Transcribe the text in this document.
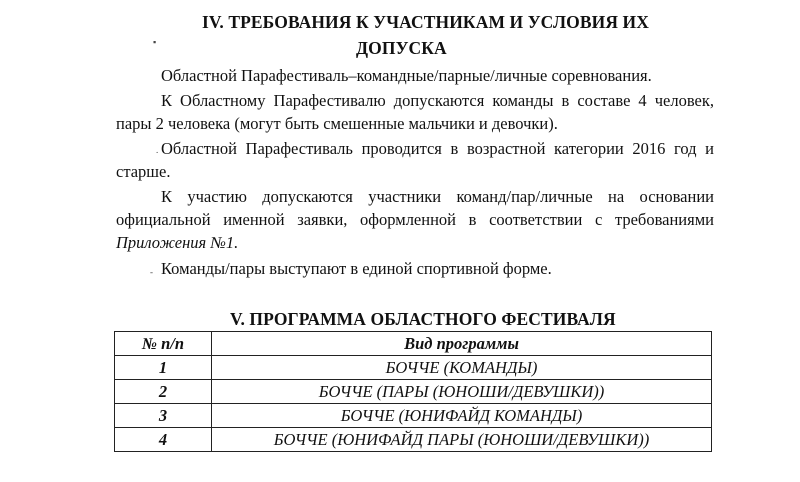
IV. ТРЕБОВАНИЯ К УЧАСТНИКАМ И УСЛОВИЯ ИХ
ДОПУСКА
▪
.
-

Областной Парафестиваль–командные/парные/личные соревнования.

К Областному Парафестивалю допускаются команды в составе 4 человек, пары 2 человека (могут быть смешенные мальчики и девочки).

Областной Парафестиваль проводится в возрастной категории 2016 год и старше.

К участию допускаются участники команд/пар/личные на основании официальной именной заявки, оформленной в соответствии с требованиями Приложения №1.

Команды/пары выступают в единой спортивной форме.

V. ПРОГРАММА ОБЛАСТНОГО ФЕСТИВАЛЯ
№ п/п	Вид программы
1	БОЧЧЕ (КОМАНДЫ)
2	БОЧЧЕ (ПАРЫ (ЮНОШИ/ДЕВУШКИ))
3	БОЧЧЕ (ЮНИФАЙД КОМАНДЫ)
4	БОЧЧЕ (ЮНИФАЙД ПАРЫ (ЮНОШИ/ДЕВУШКИ))
